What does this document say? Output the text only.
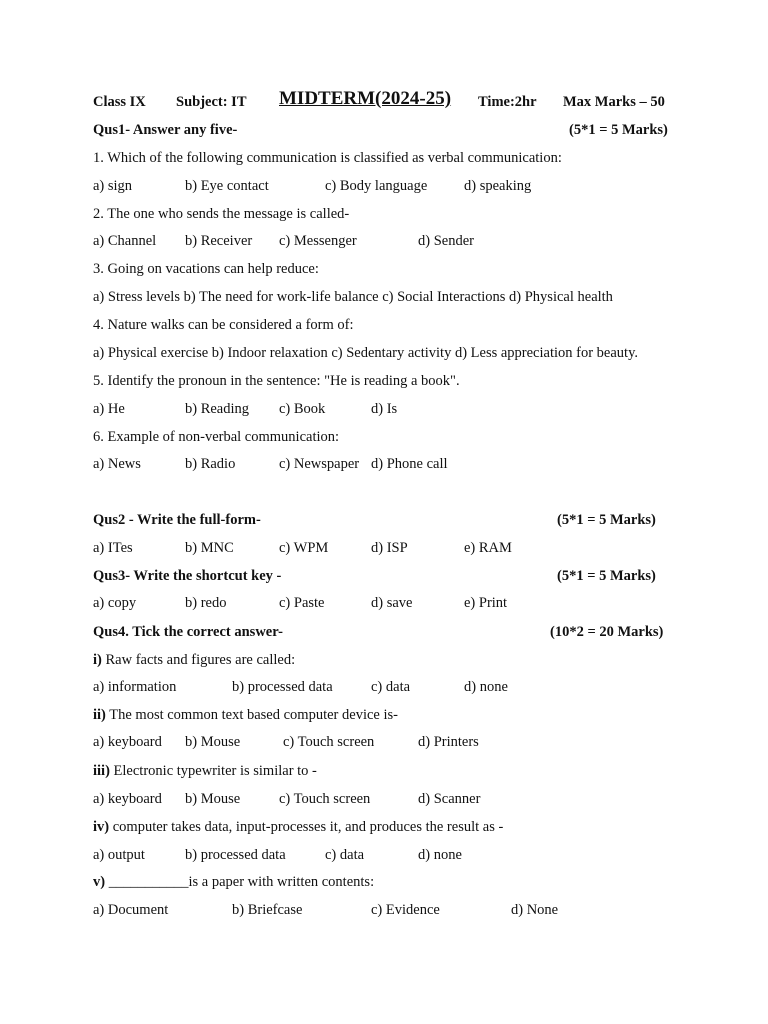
Class IX Subject: IT MIDTERM(2024-25) Time:2hr Max Marks – 50
Qus1- Answer any five-	(5*1 = 5 Marks)
1. Which of the following communication is classified as verbal communication:
a) sign	b) Eye contact	c) Body language	d) speaking
2. The one who sends the message is called-
a) Channel b) Receiver c) Messenger	d) Sender
3. Going on vacations can help reduce:
a) Stress levels b) The need for work-life balance c) Social Interactions d) Physical health
4. Nature walks can be considered a form of:
a) Physical exercise b) Indoor relaxation c) Sedentary activity d) Less appreciation for beauty.
5. Identify the pronoun in the sentence: "He is reading a book".
a) He	b) Reading c) Book	d) Is
6. Example of non-verbal communication:
a) News	b) Radio	c) Newspaper d) Phone call
Qus2 - Write the full-form-	(5*1 = 5 Marks)
a) ITes	b) MNC	c) WPM	d) ISP	e) RAM
Qus3- Write the shortcut key -	(5*1 = 5 Marks)
a) copy	b) redo	c) Paste	d) save	e) Print
Qus4. Tick the correct answer-	(10*2 = 20 Marks)
i) Raw facts and figures are called:
a) information	b) processed data	c) data	d) none
ii) The most common text based computer device is-
a) keyboard b) Mouse	c) Touch screen	d) Printers
iii) Electronic typewriter is similar to -
a) keyboard b) Mouse	c) Touch screen	d) Scanner
iv) computer takes data, input-processes it, and produces the result as -
a) output	b) processed data	c) data	d) none
v) ___________is a paper with written contents:
a) Document	b) Briefcase	c) Evidence	d) None
